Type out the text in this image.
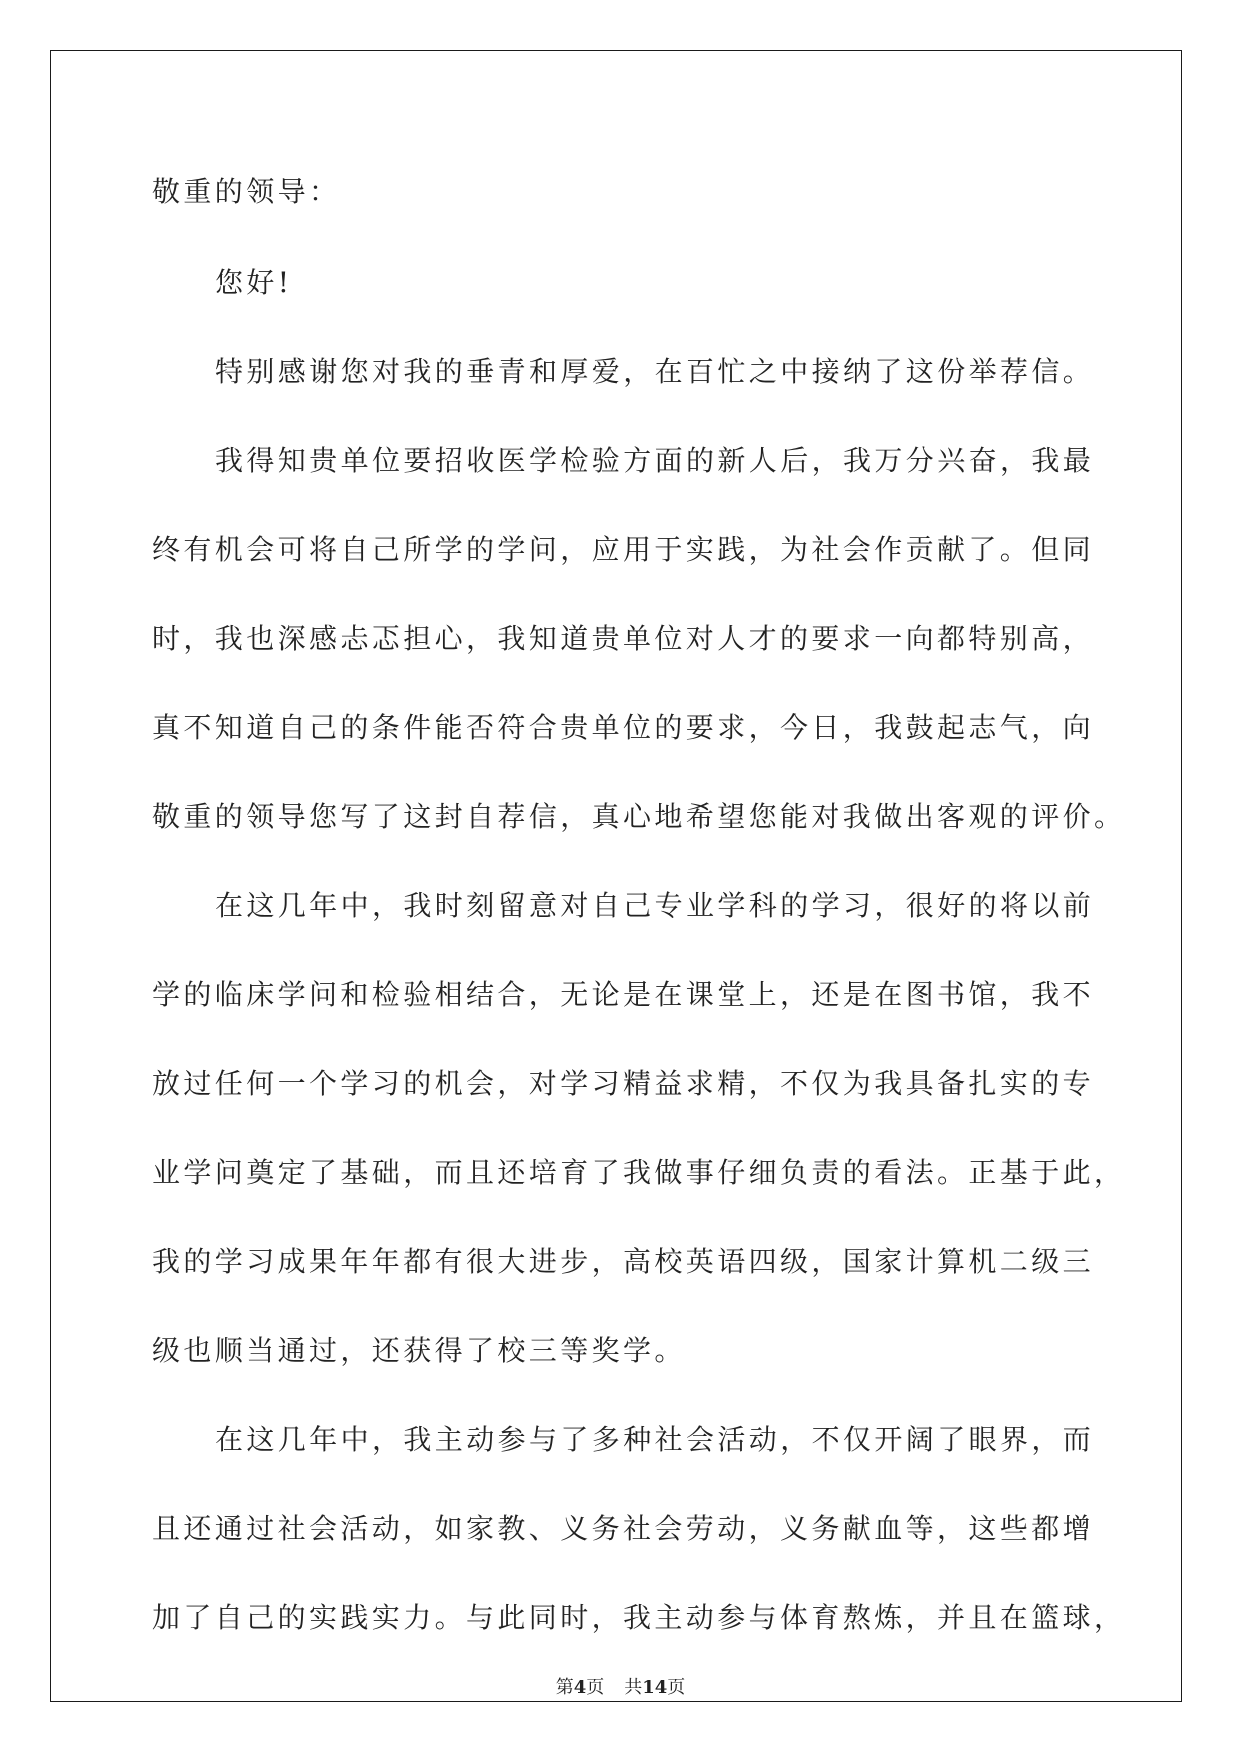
敬重的领导：
您好!
特别感谢您对我的垂青和厚爱，在百忙之中接纳了这份举荐信。
我得知贵单位要招收医学检验方面的新人后，我万分兴奋，我最
终有机会可将自己所学的学问，应用于实践，为社会作贡献了。但同
时，我也深感忐忑担心，我知道贵单位对人才的要求一向都特别高，
真不知道自己的条件能否符合贵单位的要求，今日，我鼓起志气，向
敬重的领导您写了这封自荐信，真心地希望您能对我做出客观的评价。
在这几年中，我时刻留意对自己专业学科的学习，很好的将以前
学的临床学问和检验相结合，无论是在课堂上，还是在图书馆，我不
放过任何一个学习的机会，对学习精益求精，不仅为我具备扎实的专
业学问奠定了基础，而且还培育了我做事仔细负责的看法。正基于此，
我的学习成果年年都有很大进步，高校英语四级，国家计算机二级三
级也顺当通过，还获得了校三等奖学。
在这几年中，我主动参与了多种社会活动，不仅开阔了眼界，而
且还通过社会活动，如家教、义务社会劳动，义务献血等，这些都增
加了自己的实践实力。与此同时，我主动参与体育熬炼，并且在篮球，
第4页 共14页
